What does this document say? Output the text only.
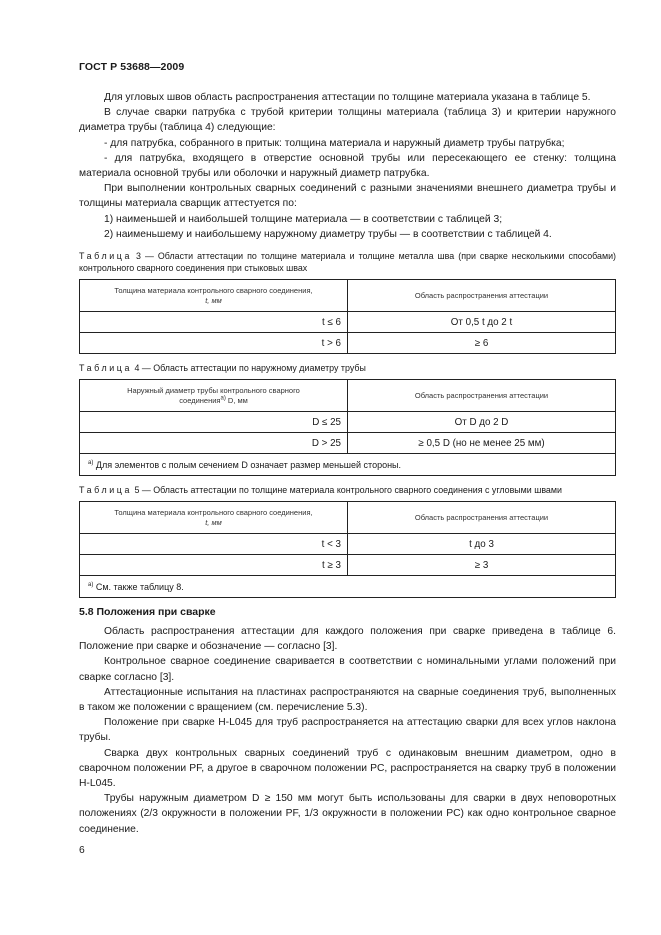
ГОСТ Р 53688—2009

Для угловых швов область распространения аттестации по толщине материала указана в таблице 5.

В случае сварки патрубка с трубой критерии толщины материала (таблица 3) и критерии наружного диаметра трубы (таблица 4) следующие:

- для патрубка, собранного в притык: толщина материала и наружный диаметр трубы патрубка;

- для патрубка, входящего в отверстие основной трубы или пересекающего ее стенку: толщина материала основной трубы или оболочки и наружный диаметр патрубка.

При выполнении контрольных сварных соединений с разными значениями внешнего диаметра трубы и толщины материала сварщик аттестуется по:

1) наименьшей и наибольшей толщине материала — в соответствии с таблицей 3;

2) наименьшему и наибольшему наружному диаметру трубы — в соответствии с таблицей 4.

Таблица 3 — Области аттестации по толщине материала и толщине металла шва (при сварке несколькими способами) контрольного сварного соединения при стыковых швах
Толщина материала контрольного сварного соединения,
t, мм	Область распространения аттестации
t ≤ 6	От 0,5 t до 2 t
t > 6	≥ 6
Таблица 4 — Область аттестации по наружному диаметру трубы
Наружный диаметр трубы контрольного сварного
соединения$^{а)}$ D, мм	Область распространения аттестации
D ≤ 25	От D до 2 D
D > 25	≥ 0,5 D (но не менее 25 мм)
$^{а)}$ Для элементов с полым сечением D означает размер меньшей стороны.	
Таблица 5 — Область аттестации по толщине материала контрольного сварного соединения с угловыми швами
Толщина материала контрольного сварного соединения,
t, мм	Область распространения аттестации
t < 3	t до 3
t ≥ 3	≥ 3
$^{а)}$ См. также таблицу 8.	
5.8 Положения при сварке

Область распространения аттестации для каждого положения при сварке приведена в таблице 6. Положение при сварке и обозначение — согласно [3].

Контрольное сварное соединение сваривается в соответствии с номинальными углами положений при сварке согласно [3].

Аттестационные испытания на пластинах распространяются на сварные соединения труб, выполненных в таком же положении с вращением (см. перечисление 5.3).

Положение при сварке H-L045 для труб распространяется на аттестацию сварки для всех углов наклона трубы.

Сварка двух контрольных сварных соединений труб с одинаковым внешним диаметром, одно в сварочном положении PF, а другое в сварочном положении PC, распространяется на сварку труб в положении H-L045.

Трубы наружным диаметром D ≥ 150 мм могут быть использованы для сварки в двух неповоротных положениях (2/3 окружности в положении PF, 1/3 окружности в положении PC) как одно контрольное сварное соединение.

6
